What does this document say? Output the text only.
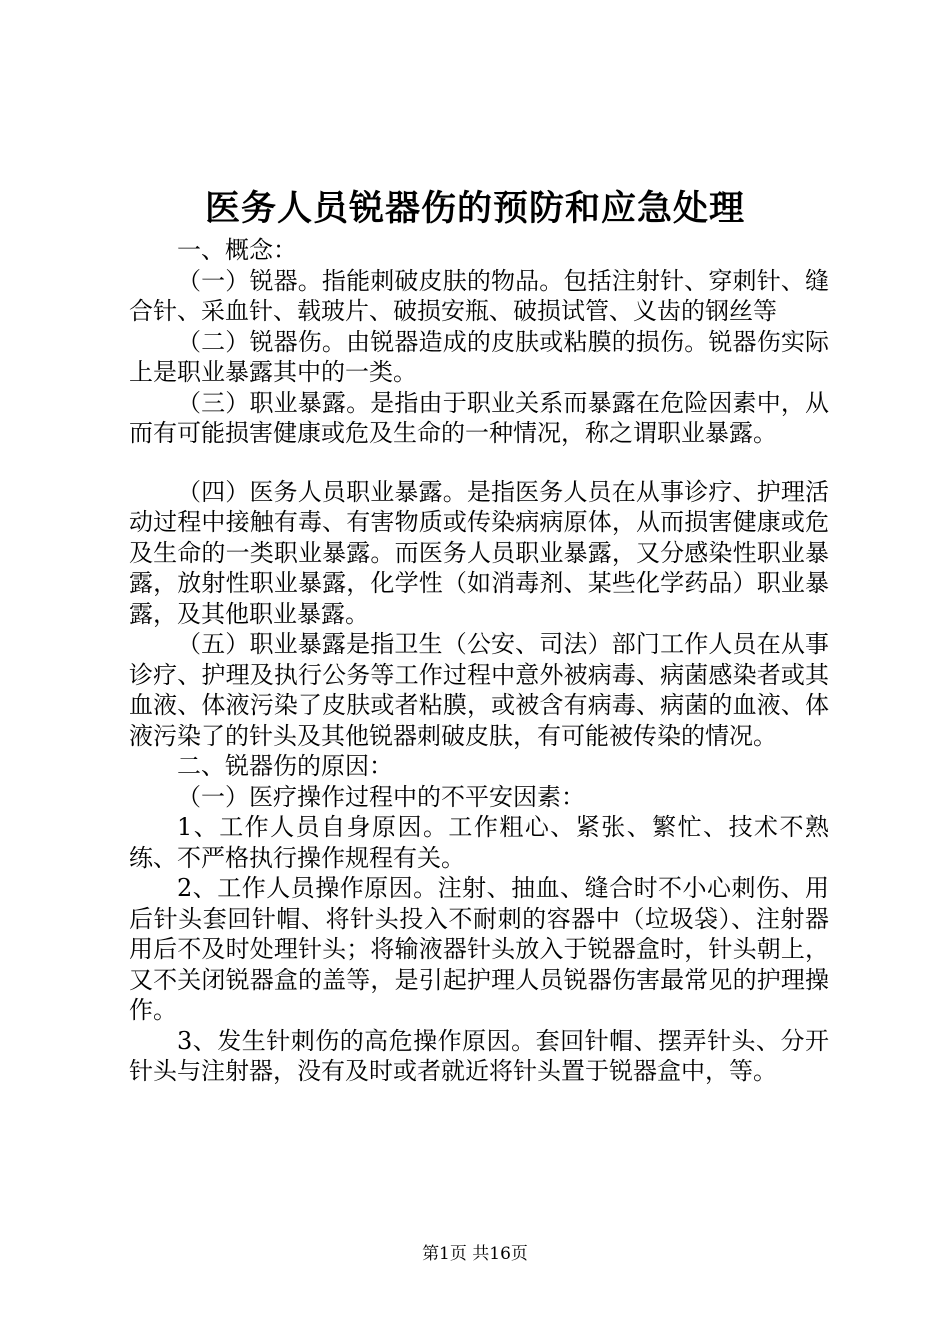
医务人员锐器伤的预防和应急处理

一、概念：

（一）锐器。指能刺破皮肤的物品。包括注射针、穿刺针、缝合针、采血针、载玻片、破损安瓶、破损试管、义齿的钢丝等

（二）锐器伤。由锐器造成的皮肤或粘膜的损伤。锐器伤实际上是职业暴露其中的一类。

（三）职业暴露。是指由于职业关系而暴露在危险因素中，从而有可能损害健康或危及生命的一种情况，称之谓职业暴露。

（四）医务人员职业暴露。是指医务人员在从事诊疗、护理活动过程中接触有毒、有害物质或传染病病原体，从而损害健康或危及生命的一类职业暴露。而医务人员职业暴露，又分感染性职业暴露，放射性职业暴露，化学性（如消毒剂、某些化学药品）职业暴露，及其他职业暴露。

（五）职业暴露是指卫生（公安、司法）部门工作人员在从事诊疗、护理及执行公务等工作过程中意外被病毒、病菌感染者或其血液、体液污染了皮肤或者粘膜，或被含有病毒、病菌的血液、体液污染了的针头及其他锐器刺破皮肤，有可能被传染的情况。

二、锐器伤的原因：

（一）医疗操作过程中的不平安因素：

1、工作人员自身原因。工作粗心、紧张、繁忙、技术不熟练、不严格执行操作规程有关。

2、工作人员操作原因。注射、抽血、缝合时不小心刺伤、用后针头套回针帽、将针头投入不耐刺的容器中（垃圾袋）、注射器用后不及时处理针头；将输液器针头放入于锐器盒时，针头朝上，又不关闭锐器盒的盖等，是引起护理人员锐器伤害最常见的护理操作。

3、发生针刺伤的高危操作原因。套回针帽、摆弄针头、分开针头与注射器，没有及时或者就近将针头置于锐器盒中，等。

第1页 共16页
